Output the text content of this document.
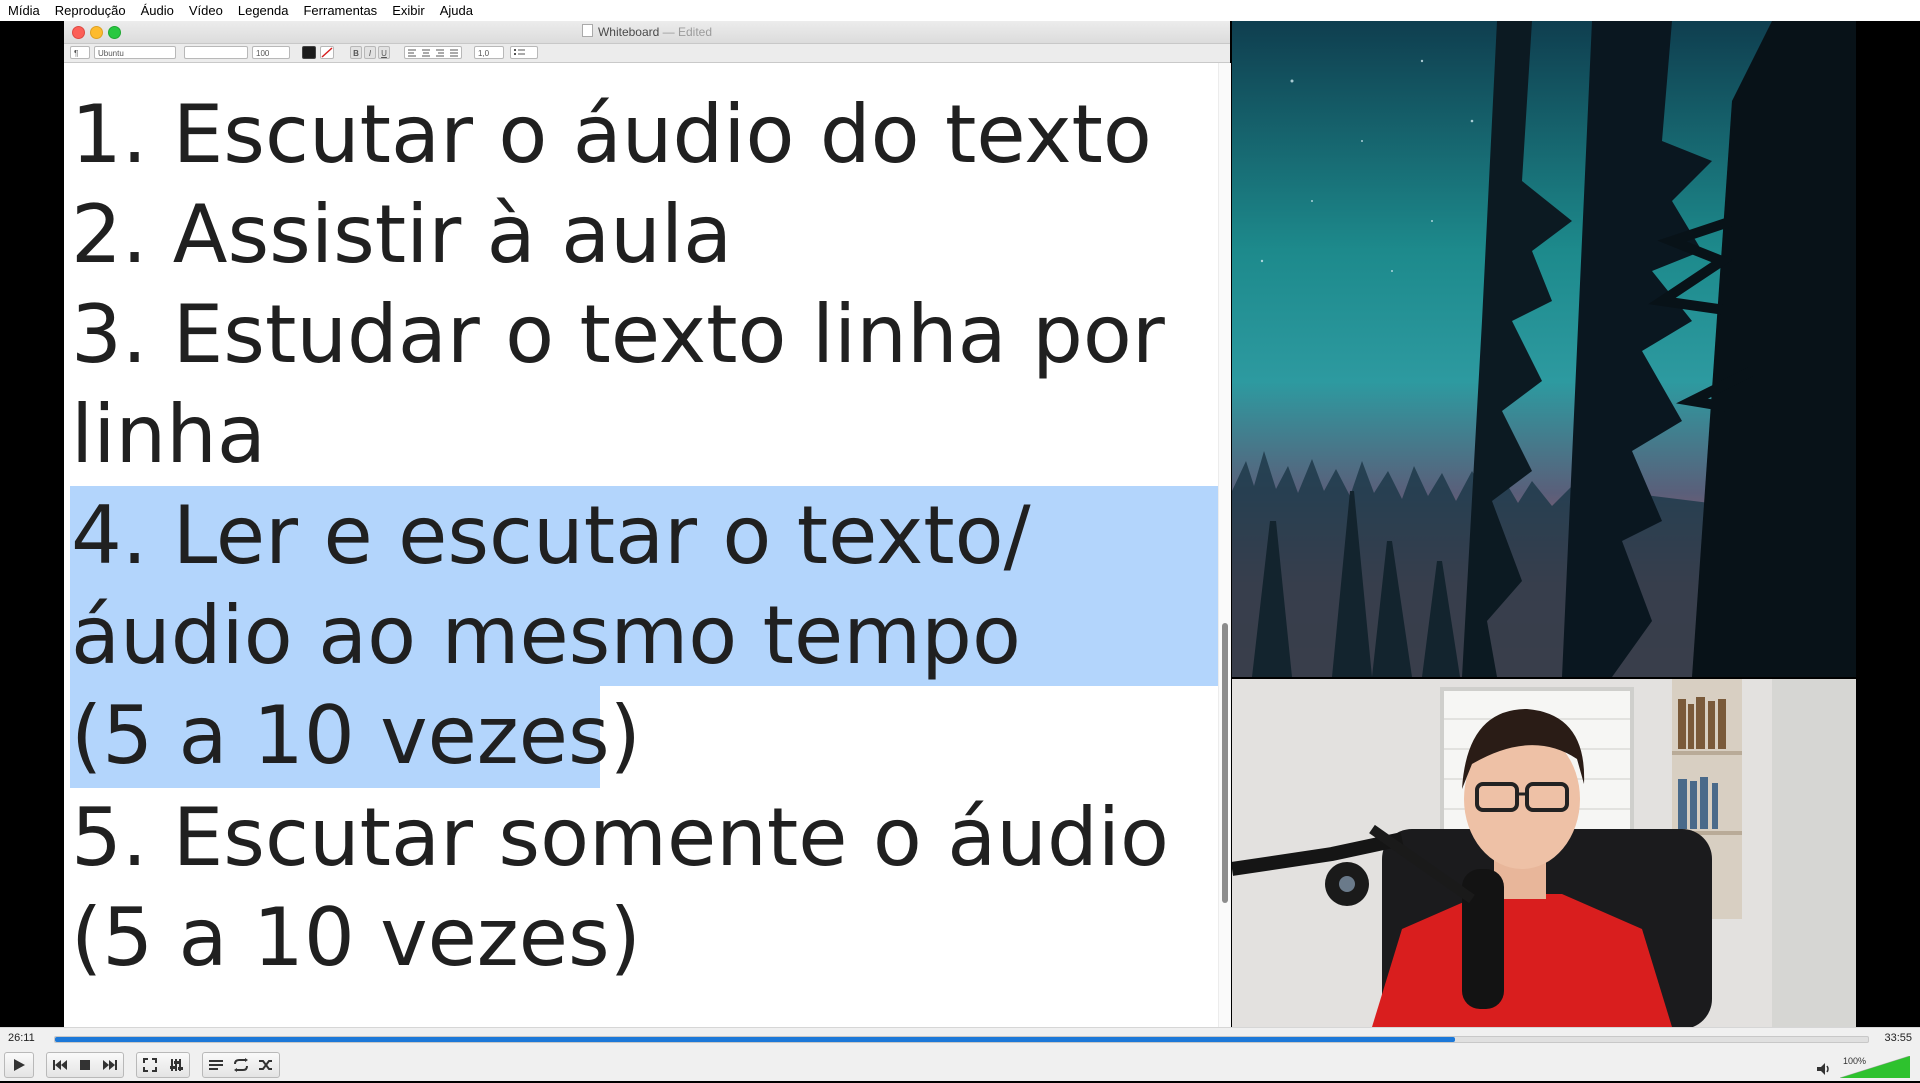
Mídia	Reprodução	Áudio	Vídeo	Legenda	Ferramentas	Exibir	Ajuda
Whiteboard — Edited
¶	Ubuntu	100	B	I	U	1,0
1. Escutar o áudio do texto
2. Assistir à aula
3. Estudar o texto linha por
linha
4. Ler e escutar o texto/
áudio ao mesmo tempo
(5 a 10 vezes)
5. Escutar somente o áudio
(5 a 10 vezes)
26:11	33:55
100%
